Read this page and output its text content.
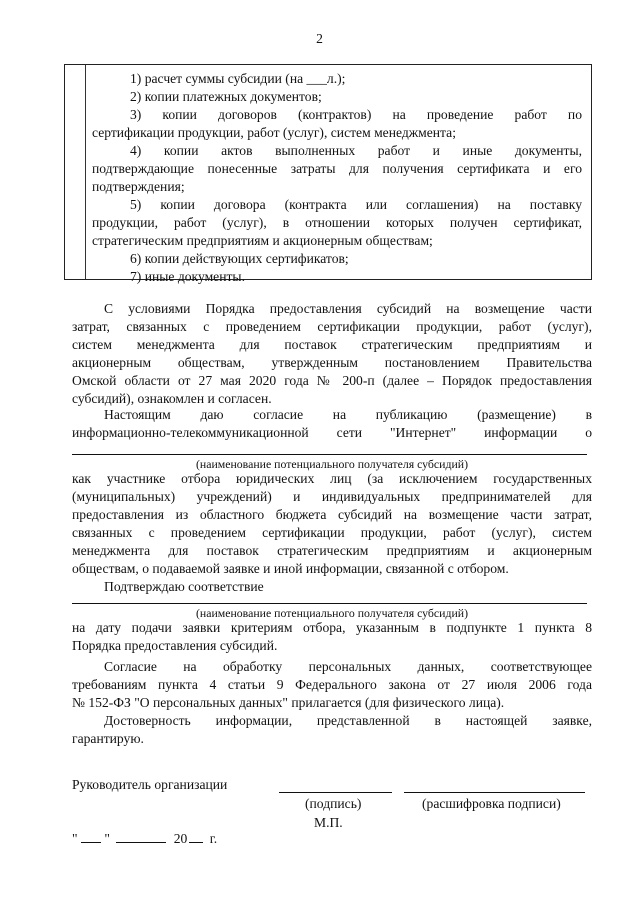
2
1) расчет суммы субсидии (на ___л.);
2) копии платежных документов;
3) копии договоров (контрактов) на проведение работ по
сертификации продукции, работ (услуг), систем менеджмента;
4) копии актов выполненных работ и иные документы,
подтверждающие понесенные затраты для получения сертификата и его
подтверждения;
5) копии договора (контракта или соглашения) на поставку
продукции, работ (услуг), в отношении которых получен сертификат,
стратегическим предприятиям и акционерным обществам;
6) копии действующих сертификатов;
7) иные документы.
С условиями Порядка предоставления субсидий на возмещение части
затрат, связанных с проведением сертификации продукции, работ (услуг),
систем менеджмента для поставок стратегическим предприятиям и
акционерным обществам, утвержденным постановлением Правительства
Омской области от 27 мая 2020 года № 200-п (далее – Порядок предоставления
субсидий), ознакомлен и согласен.
Настоящим даю согласие на публикацию (размещение) в
информационно-телекоммуникационной сети "Интернет" информации о
(наименование потенциального получателя субсидий)
как участнике отбора юридических лиц (за исключением государственных
(муниципальных) учреждений) и индивидуальных предпринимателей для
предоставления из областного бюджета субсидий на возмещение части затрат,
связанных с проведением сертификации продукции, работ (услуг), систем
менеджмента для поставок стратегическим предприятиям и акционерным
обществам, о подаваемой заявке и иной информации, связанной с отбором.
Подтверждаю соответствие
(наименование потенциального получателя субсидий)
на дату подачи заявки критериям отбора, указанным в подпункте 1 пункта 8
Порядка предоставления субсидий.
Согласие на обработку персональных данных, соответствующее
требованиям пункта 4 статьи 9 Федерального закона от 27 июля 2006 года
№ 152-ФЗ "О персональных данных" прилагается (для физического лица).
Достоверность информации, представленной в настоящей заявке,
гарантирую.
Руководитель организации
(подпись)	(расшифровка подписи)
М.П.
" "	20 г.
